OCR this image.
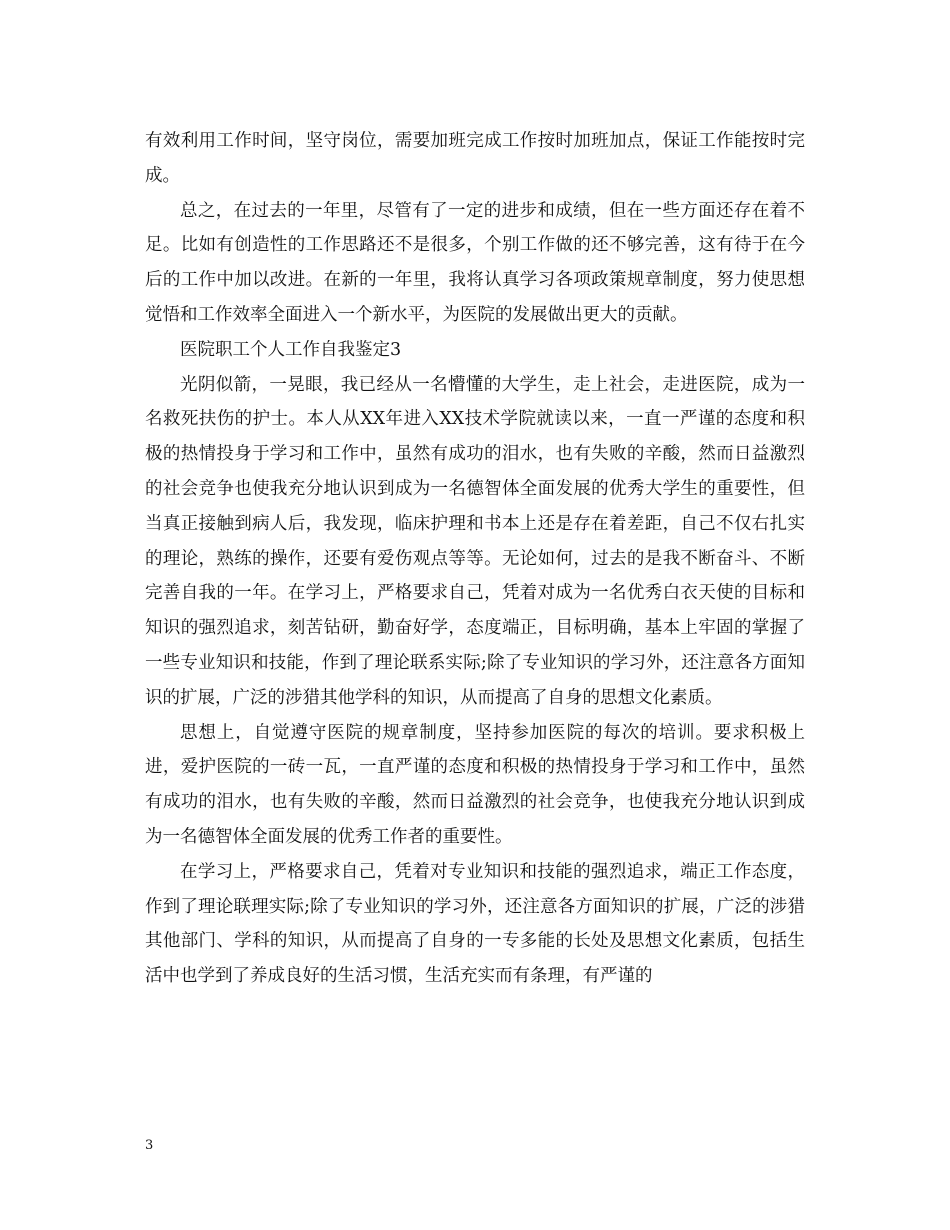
有效利用工作时间，坚守岗位，需要加班完成工作按时加班加点，保证工作能按时完成。

总之，在过去的一年里，尽管有了一定的进步和成绩，但在一些方面还存在着不足。比如有创造性的工作思路还不是很多，个别工作做的还不够完善，这有待于在今后的工作中加以改进。在新的一年里，我将认真学习各项政策规章制度，努力使思想觉悟和工作效率全面进入一个新水平，为医院的发展做出更大的贡献。

医院职工个人工作自我鉴定3

光阴似箭，一晃眼，我已经从一名懵懂的大学生，走上社会，走进医院，成为一名救死扶伤的护士。本人从XX年进入XX技术学院就读以来，一直一严谨的态度和积极的热情投身于学习和工作中，虽然有成功的泪水，也有失败的辛酸，然而日益激烈的社会竞争也使我充分地认识到成为一名德智体全面发展的优秀大学生的重要性，但当真正接触到病人后，我发现，临床护理和书本上还是存在着差距，自己不仅右扎实的理论，熟练的操作，还要有爱伤观点等等。无论如何，过去的是我不断奋斗、不断完善自我的一年。在学习上，严格要求自己，凭着对成为一名优秀白衣天使的目标和知识的强烈追求，刻苦钻研，勤奋好学，态度端正，目标明确，基本上牢固的掌握了一些专业知识和技能，作到了理论联系实际;除了专业知识的学习外，还注意各方面知识的扩展，广泛的涉猎其他学科的知识，从而提高了自身的思想文化素质。

思想上，自觉遵守医院的规章制度，坚持参加医院的每次的培训。要求积极上进，爱护医院的一砖一瓦，一直严谨的态度和积极的热情投身于学习和工作中，虽然有成功的泪水，也有失败的辛酸，然而日益激烈的社会竞争，也使我充分地认识到成为一名德智体全面发展的优秀工作者的重要性。

在学习上，严格要求自己，凭着对专业知识和技能的强烈追求，端正工作态度，作到了理论联理实际;除了专业知识的学习外，还注意各方面知识的扩展，广泛的涉猎其他部门、学科的知识，从而提高了自身的一专多能的长处及思想文化素质，包括生活中也学到了养成良好的生活习惯，生活充实而有条理，有严谨的

3
